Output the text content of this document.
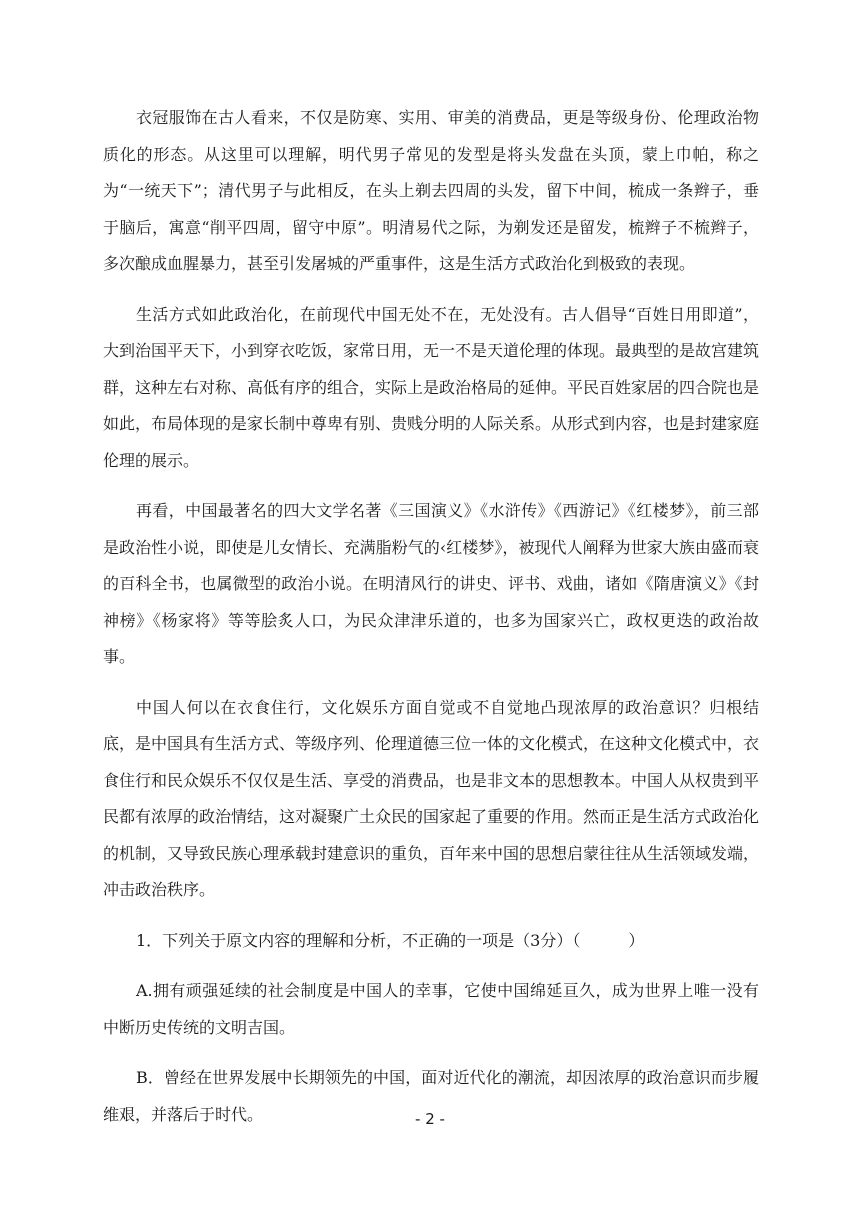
衣冠服饰在古人看来，不仅是防寒、实用、审美的消费品，更是等级身份、伦理政治物质化的形态。从这里可以理解，明代男子常见的发型是将头发盘在头顶，蒙上巾帕，称之为“一统天下”；清代男子与此相反，在头上剃去四周的头发，留下中间，梳成一条辫子，垂于脑后，寓意“削平四周，留守中原”。明清易代之际，为剃发还是留发，梳辫子不梳辫子，多次酿成血腥暴力，甚至引发屠城的严重事件，这是生活方式政治化到极致的表现。

生活方式如此政治化，在前现代中国无处不在，无处没有。古人倡导“百姓日用即道”，大到治国平天下，小到穿衣吃饭，家常日用，无一不是天道伦理的体现。最典型的是故宫建筑群，这种左右对称、高低有序的组合，实际上是政治格局的延伸。平民百姓家居的四合院也是如此，布局体现的是家长制中尊卑有别、贵贱分明的人际关系。从形式到内容，也是封建家庭伦理的展示。

再看，中国最著名的四大文学名著《三国演义》《水浒传》《西游记》《红楼梦》，前三部是政治性小说，即使是儿女情长、充满脂粉气的‹红楼梦》，被现代人阐释为世家大族由盛而衰的百科全书，也属微型的政治小说。在明清风行的讲史、评书、戏曲，诸如《隋唐演义》《封神榜》《杨家将》等等脍炙人口，为民众津津乐道的，也多为国家兴亡，政权更迭的政治故事。

中国人何以在衣食住行，文化娱乐方面自觉或不自觉地凸现浓厚的政治意识？归根结底，是中国具有生活方式、等级序列、伦理道德三位一体的文化模式，在这种文化模式中，衣食住行和民众娱乐不仅仅是生活、享受的消费品，也是非文本的思想教本。中国人从权贵到平民都有浓厚的政治情结，这对凝聚广土众民的国家起了重要的作用。然而正是生活方式政治化的机制，又导致民族心理承载封建意识的重负，百年来中国的思想启蒙往往从生活领域发端，冲击政治秩序。

1．下列关于原文内容的理解和分析，不正确的一项是（3分）（　　　）

A.拥有顽强延续的社会制度是中国人的幸事，它使中国绵延亘久，成为世界上唯一没有中断历史传统的文明吉国。

B．曾经在世界发展中长期领先的中国，面对近代化的潮流，却因浓厚的政治意识而步履维艰，并落后于时代。	- 2 -
